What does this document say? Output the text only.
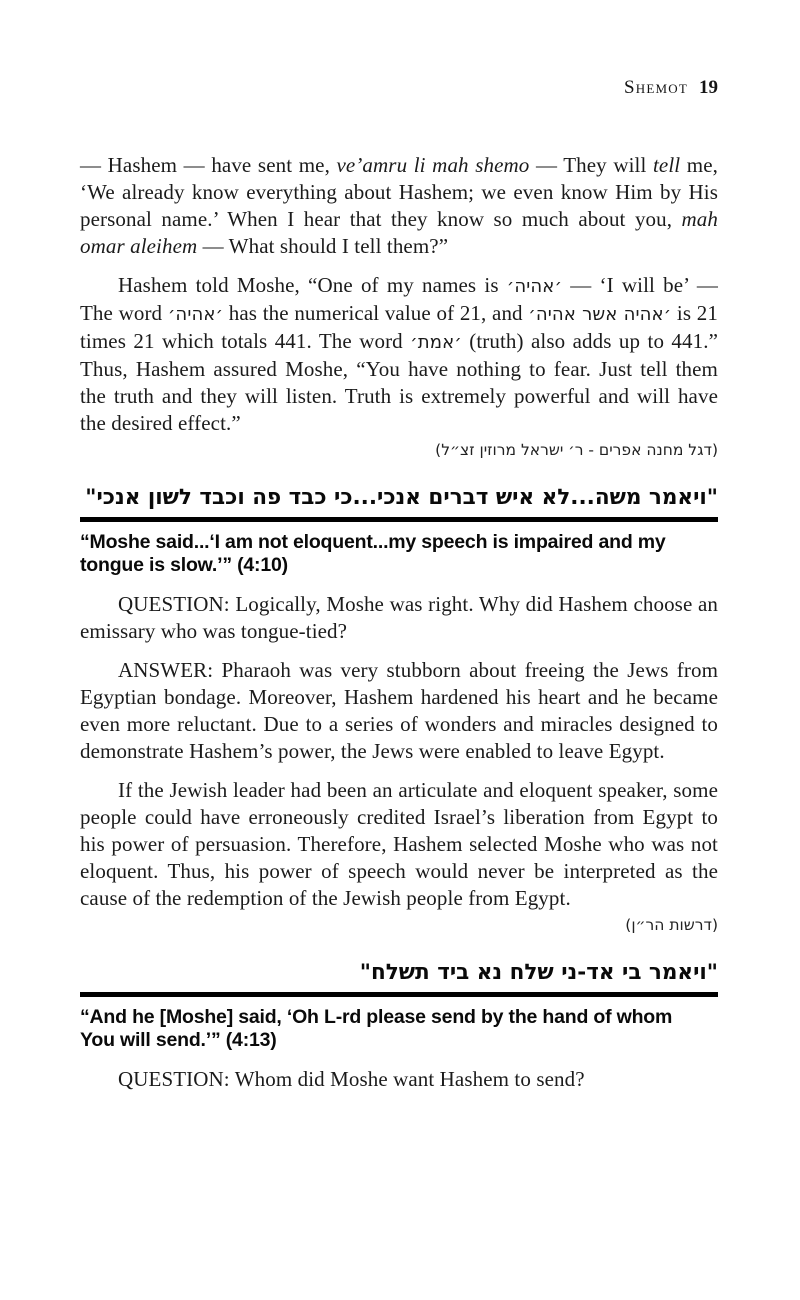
Shemot 19

— Hashem — have sent me, ve’amru li mah shemo — They will tell me, ‘We already know everything about Hashem; we even know Him by His personal name.’ When I hear that they know so much about you, mah omar aleihem — What should I tell them?”

Hashem told Moshe, “One of my names is ׳אהיה׳ — ‘I will be’ — The word ׳אהיה׳ has the numerical value of 21, and ׳אהיה אשר אהיה׳ is 21 times 21 which totals 441. The word ׳אמת׳ (truth) also adds up to 441.” Thus, Hashem assured Moshe, “You have nothing to fear. Just tell them the truth and they will listen. Truth is extremely powerful and will have the desired effect.”

(דגל מחנה אפרים - ר׳ ישראל מרוזין זצ״ל)

"ויאמר משה...לא איש דברים אנכי...כי כבד פה וכבד לשון אנכי"
“Moshe said...‘I am not eloquent...my speech is impaired and my tongue is slow.’” (4:10)

QUESTION: Logically, Moshe was right. Why did Hashem choose an emissary who was tongue-tied?

ANSWER: Pharaoh was very stubborn about freeing the Jews from Egyptian bondage. Moreover, Hashem hardened his heart and he became even more reluctant. Due to a series of wonders and miracles designed to demonstrate Hashem’s power, the Jews were enabled to leave Egypt.

If the Jewish leader had been an articulate and eloquent speaker, some people could have erroneously credited Israel’s liberation from Egypt to his power of persuasion. Therefore, Hashem selected Moshe who was not eloquent. Thus, his power of speech would never be interpreted as the cause of the redemption of the Jewish people from Egypt.

(דרשות הר״ן)

"ויאמר בי אד-ני שלח נא ביד תשלח"
“And he [Moshe] said, ‘Oh L-rd please send by the hand of whom You will send.’” (4:13)

QUESTION: Whom did Moshe want Hashem to send?
